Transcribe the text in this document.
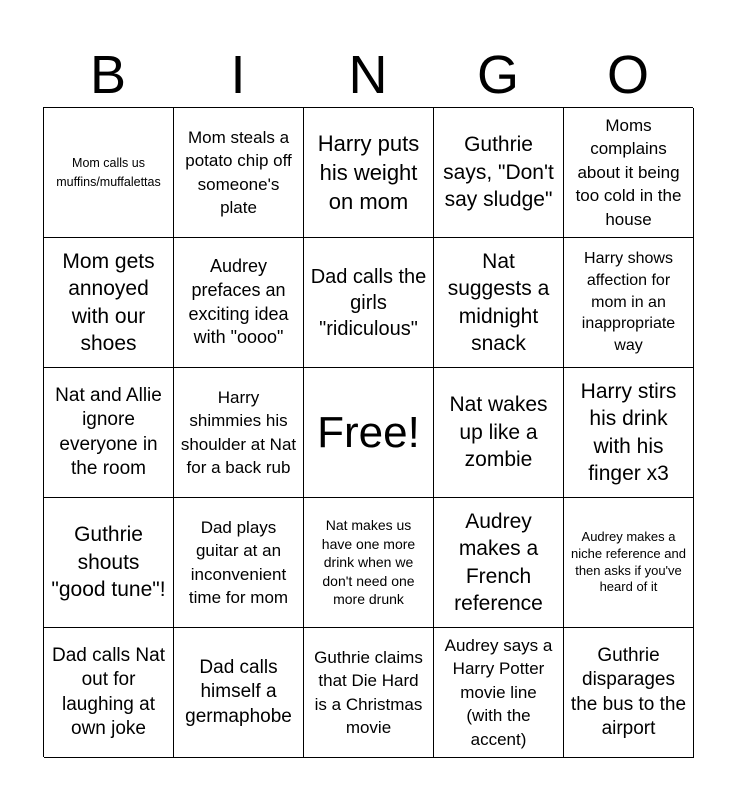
B	I	N	G	O
Mom calls us muffins/muffalettas
Mom steals a potato chip off someone's plate
Harry puts his weight on mom
Guthrie says, "Don't say sludge"
Moms complains about it being too cold in the house
Mom gets annoyed with our shoes
Audrey prefaces an exciting idea with "oooo"
Dad calls the girls "ridiculous"
Nat suggests a midnight snack
Harry shows affection for mom in an inappropriate way
Nat and Allie ignore everyone in the room
Harry shimmies his shoulder at Nat for a back rub
Free!
Nat wakes up like a zombie
Harry stirs his drink with his finger x3
Guthrie shouts "good tune"!
Dad plays guitar at an inconvenient time for mom
Nat makes us have one more drink when we don't need one more drunk
Audrey makes a French reference
Audrey makes a niche reference and then asks if you've heard of it
Dad calls Nat out for laughing at own joke
Dad calls himself a germaphobe
Guthrie claims that Die Hard is a Christmas movie
Audrey says a Harry Potter movie line (with the accent)
Guthrie disparages the bus to the airport
